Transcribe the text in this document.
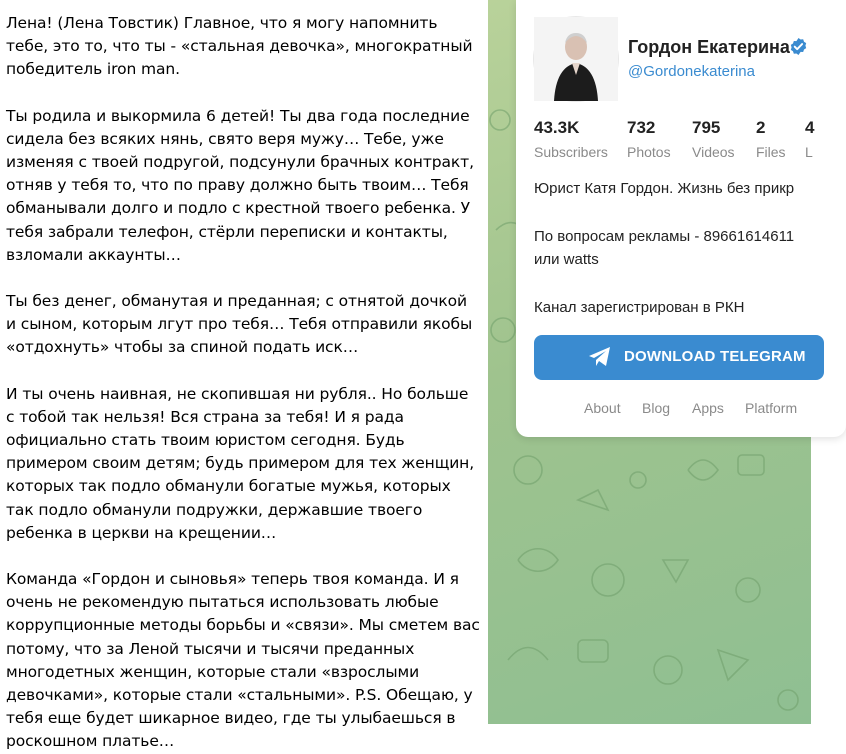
Лена! (Лена Товстик) Главное, что я могу напомнить тебе, это то, что ты - «стальная девочка», многократный победитель iron man.

Ты родила и выкормила 6 детей! Ты два года последние сидела без всяких нянь, свято веря мужу… Тебе, уже изменяя с твоей подругой, подсунули брачных контракт, отняв у тебя то, что по праву должно быть твоим… Тебя обманывали долго и подло с крестной твоего ребенка. У тебя забрали телефон, стёрли переписки и контакты, взломали аккаунты…

Ты без денег, обманутая и преданная; с отнятой дочкой и сыном, которым лгут про тебя… Тебя отправили якобы «отдохнуть» чтобы за спиной подать иск…

И ты очень наивная, не скопившая ни рубля.. Но больше с тобой так нельзя! Вся страна за тебя! И я рада официально стать твоим юристом сегодня. Будь примером своим детям; будь примером для тех женщин, которых так подло обманули богатые мужья, которых так подло обманули подружки, державшие твоего ребенка в церкви на крещении…

Команда «Гордон и сыновья» теперь твоя команда. И я очень не рекомендую пытаться использовать любые коррупционные методы борьбы и «связи». Мы сметем вас потому, что за Леной тысячи и тысячи преданных многодетных женщин, которые стали «взрослыми девочками», которые стали «стальными». P.S. Обещаю, у тебя еще будет шикарное видео, где ты улыбаешься в роскошном платье…

Гордон Екатерина
@Gordonekaterina
43.3K
Subscribers
732
Photos
795
Videos
2
Files
4
L
Юрист Катя Гордон. Жизнь без прикр
По вопросам рекламы - 89661614611
или watts
Канал зарегистрирован в РКН
DOWNLOAD TELEGRAM
About Blog Apps Platform
